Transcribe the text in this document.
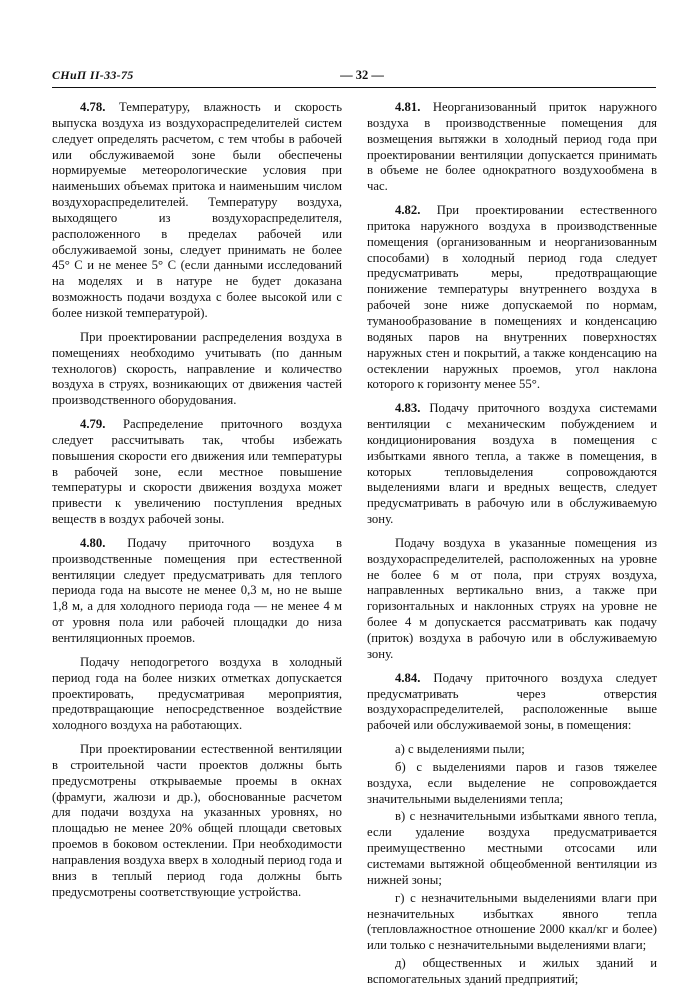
СНиП II-33-75	— 32 —

4.78. Температуру, влажность и скорость выпуска воздуха из воздухораспределителей систем следует определять расчетом, с тем чтобы в рабочей или обслуживаемой зоне были обеспечены нормируемые метеорологические условия при наименьших объемах притока и наименьшим числом воздухораспределителей. Температуру воздуха, выходящего из воздухораспределителя, расположенного в пределах рабочей или обслуживаемой зоны, следует принимать не более 45° С и не менее 5° С (если данными исследований на моделях и в натуре не будет доказана возможность подачи воздуха с более высокой или с более низкой температурой).

При проектировании распределения воздуха в помещениях необходимо учитывать (по данным технологов) скорость, направление и количество воздуха в струях, возникающих от движения частей производственного оборудования.

4.79. Распределение приточного воздуха следует рассчитывать так, чтобы избежать повышения скорости его движения или температуры в рабочей зоне, если местное повышение температуры и скорости движения воздуха может привести к увеличению поступления вредных веществ в воздух рабочей зоны.

4.80. Подачу приточного воздуха в производственные помещения при естественной вентиляции следует предусматривать для теплого периода года на высоте не менее 0,3 м, но не выше 1,8 м, а для холодного периода года — не менее 4 м от уровня пола или рабочей площадки до низа вентиляционных проемов.

Подачу неподогретого воздуха в холодный период года на более низких отметках допускается проектировать, предусматривая мероприятия, предотвращающие непосредственное воздействие холодного воздуха на работающих.

При проектировании естественной вентиляции в строительной части проектов должны быть предусмотрены открываемые проемы в окнах (фрамуги, жалюзи и др.), обоснованные расчетом для подачи воздуха на указанных уровнях, но площадью не менее 20% общей площади световых проемов в боковом остеклении. При необходимости направления воздуха вверх в холодный период года и вниз в теплый период года должны быть предусмотрены соответствующие устройства.

4.81. Неорганизованный приток наружного воздуха в производственные помещения для возмещения вытяжки в холодный период года при проектировании вентиляции допускается принимать в объеме не более однократного воздухообмена в час.

4.82. При проектировании естественного притока наружного воздуха в производственные помещения (организованным и неорганизованным способами) в холодный период года следует предусматривать меры, предотвращающие понижение температуры внутреннего воздуха в рабочей зоне ниже допускаемой по нормам, туманообразование в помещениях и конденсацию водяных паров на внутренних поверхностях наружных стен и покрытий, а также конденсацию на остеклении наружных проемов, угол наклона которого к горизонту менее 55°.

4.83. Подачу приточного воздуха системами вентиляции с механическим побуждением и кондиционирования воздуха в помещения с избытками явного тепла, а также в помещения, в которых тепловыделения сопровождаются выделениями влаги и вредных веществ, следует предусматривать в рабочую или в обслуживаемую зону.

Подачу воздуха в указанные помещения из воздухораспределителей, расположенных на уровне не более 6 м от пола, при струях воздуха, направленных вертикально вниз, а также при горизонтальных и наклонных струях на уровне не более 4 м допускается рассматривать как подачу (приток) воздуха в рабочую или в обслуживаемую зону.

4.84. Подачу приточного воздуха следует предусматривать через отверстия воздухораспределителей, расположенные выше рабочей или обслуживаемой зоны, в помещения:

а) с выделениями пыли;

б) с выделениями паров и газов тяжелее воздуха, если выделение не сопровождается значительными выделениями тепла;

в) с незначительными избытками явного тепла, если удаление воздуха предусматривается преимущественно местными отсосами или системами вытяжной общеобменной вентиляции из нижней зоны;

г) с незначительными выделениями влаги при незначительных избытках явного тепла (тепловлажностное отношение 2000 ккал/кг и более) или только с незначительными выделениями влаги;

д) общественных и жилых зданий и вспомогательных зданий предприятий;
